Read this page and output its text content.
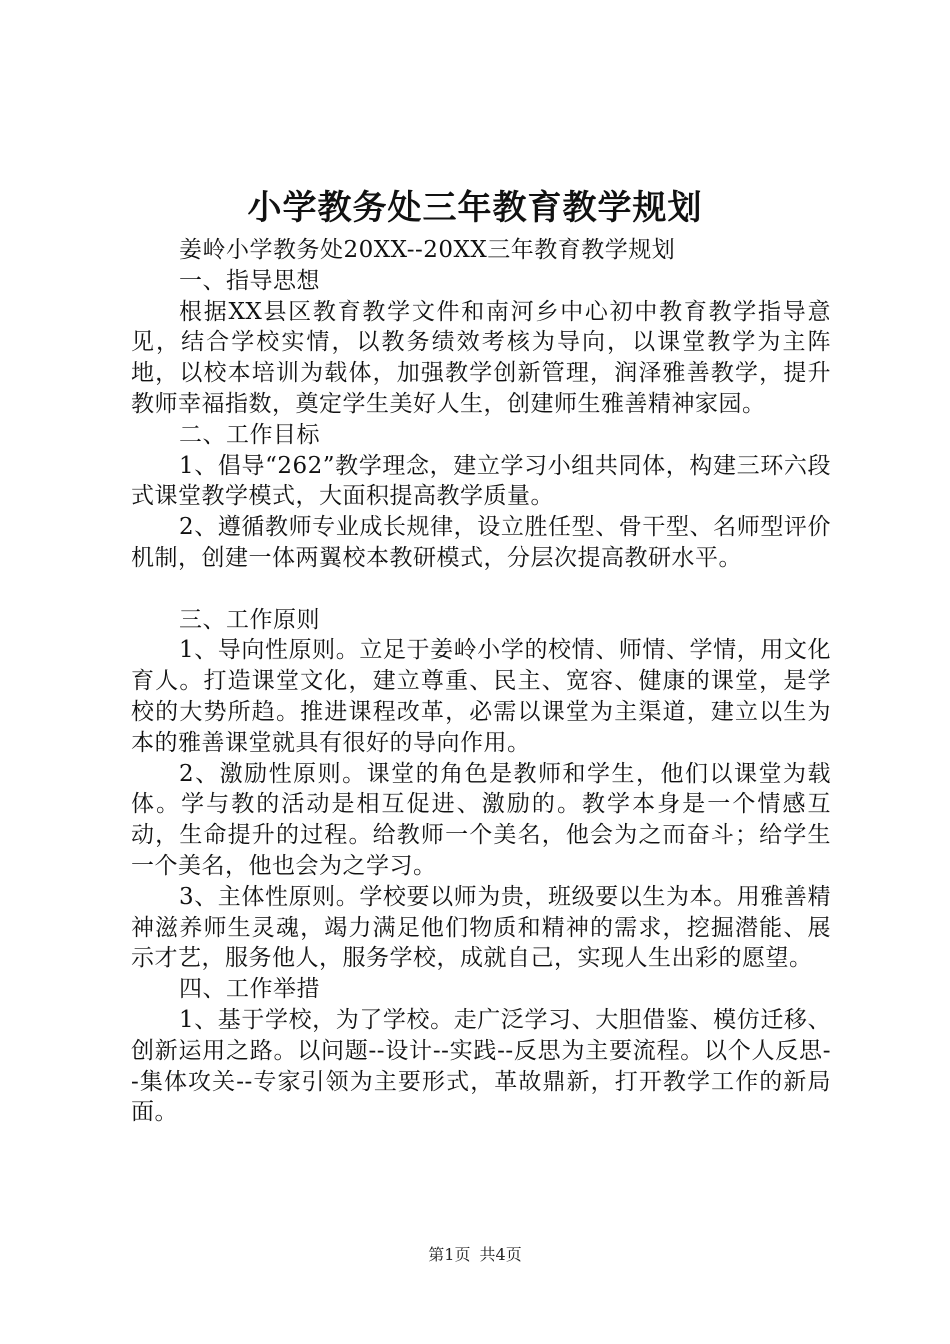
小学教务处三年教育教学规划

姜岭小学教务处20XX--20XX三年教育教学规划

一、指导思想

根据XX县区教育教学文件和南河乡中心初中教育教学指导意见，结合学校实情，以教务绩效考核为导向，以课堂教学为主阵地，以校本培训为载体，加强教学创新管理，润泽雅善教学，提升教师幸福指数，奠定学生美好人生，创建师生雅善精神家园。

二、工作目标

1、倡导“262”教学理念，建立学习小组共同体，构建三环六段式课堂教学模式，大面积提高教学质量。

2、遵循教师专业成长规律，设立胜任型、骨干型、名师型评价机制，创建一体两翼校本教研模式，分层次提高教研水平。

三、工作原则

1、导向性原则。立足于姜岭小学的校情、师情、学情，用文化育人。打造课堂文化，建立尊重、民主、宽容、健康的课堂，是学校的大势所趋。推进课程改革，必需以课堂为主渠道，建立以生为本的雅善课堂就具有很好的导向作用。

2、激励性原则。课堂的角色是教师和学生，他们以课堂为载体。学与教的活动是相互促进、激励的。教学本身是一个情感互动，生命提升的过程。给教师一个美名，他会为之而奋斗；给学生一个美名，他也会为之学习。

3、主体性原则。学校要以师为贵，班级要以生为本。用雅善精神滋养师生灵魂，竭力满足他们物质和精神的需求，挖掘潜能、展示才艺，服务他人，服务学校，成就自己，实现人生出彩的愿望。

四、工作举措

1、基于学校，为了学校。走广泛学习、大胆借鉴、模仿迁移、创新运用之路。以问题--设计--实践--反思为主要流程。以个人反思--集体攻关--专家引领为主要形式，革故鼎新，打开教学工作的新局面。

第1页 共4页
